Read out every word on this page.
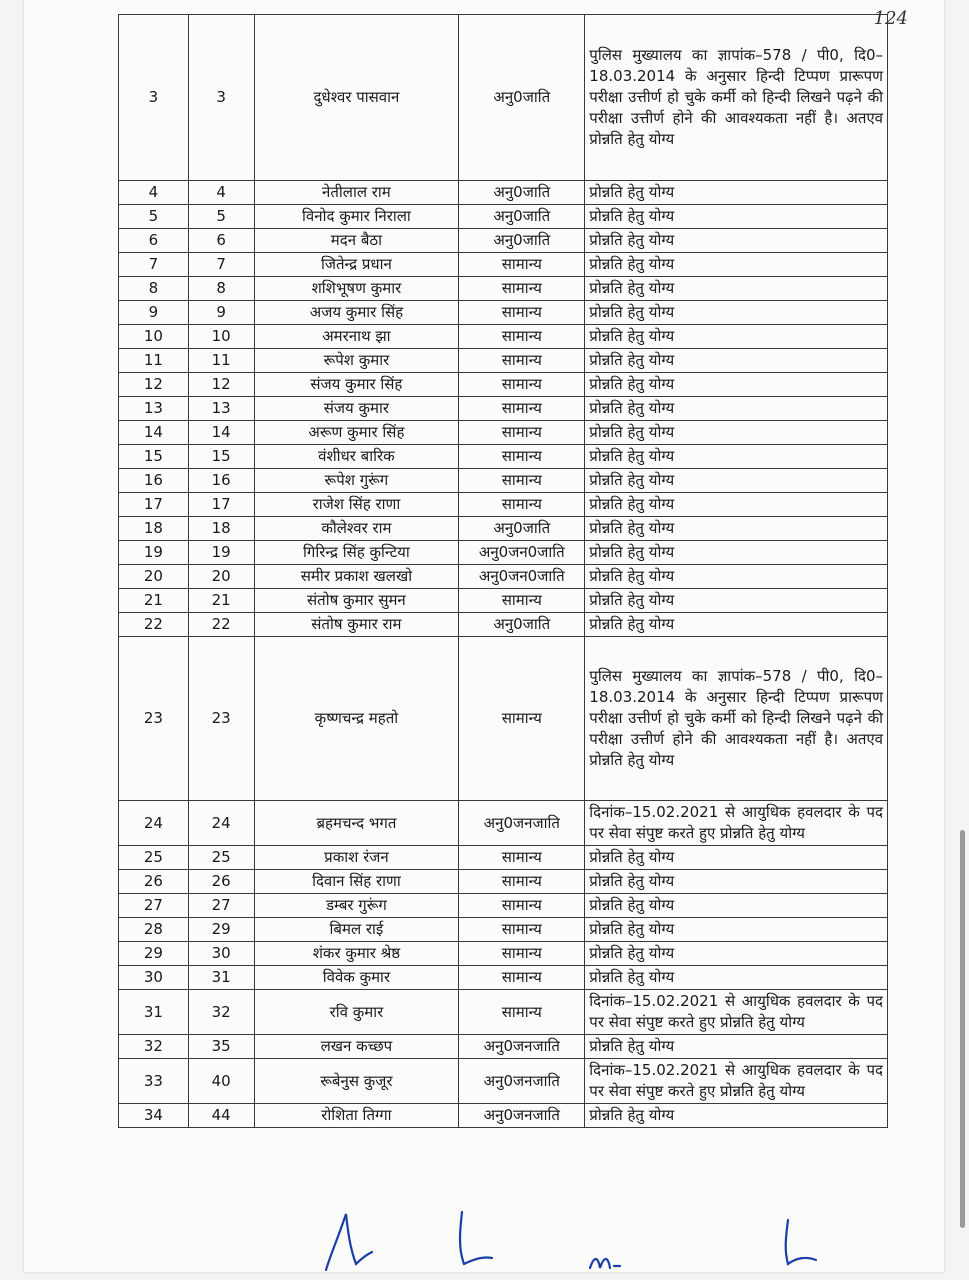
124
3	3	दुधेश्वर पासवान	अनु0जाति	पुलिस मुख्यालय का ज्ञापांक–578 / पी0, दि0–18.03.2014 के अनुसार हिन्दी टिप्पण प्रारूपण परीक्षा उत्तीर्ण हो चुके कर्मी को हिन्दी लिखने पढ़ने की परीक्षा उत्तीर्ण होने की आवश्यकता नहीं है। अतएव प्रोन्नति हेतु योग्य

4	4	नेतीलाल राम	अनु0जाति	प्रोन्नति हेतु योग्य
5	5	विनोद कुमार निराला	अनु0जाति	प्रोन्नति हेतु योग्य
6	6	मदन बैठा	अनु0जाति	प्रोन्नति हेतु योग्य
7	7	जितेन्द्र प्रधान	सामान्य	प्रोन्नति हेतु योग्य
8	8	शशिभूषण कुमार	सामान्य	प्रोन्नति हेतु योग्य
9	9	अजय कुमार सिंह	सामान्य	प्रोन्नति हेतु योग्य
10	10	अमरनाथ झा	सामान्य	प्रोन्नति हेतु योग्य
11	11	रूपेश कुमार	सामान्य	प्रोन्नति हेतु योग्य
12	12	संजय कुमार सिंह	सामान्य	प्रोन्नति हेतु योग्य
13	13	संजय कुमार	सामान्य	प्रोन्नति हेतु योग्य
14	14	अरूण कुमार सिंह	सामान्य	प्रोन्नति हेतु योग्य
15	15	वंशीधर बारिक	सामान्य	प्रोन्नति हेतु योग्य
16	16	रूपेश गुरूंग	सामान्य	प्रोन्नति हेतु योग्य
17	17	राजेश सिंह राणा	सामान्य	प्रोन्नति हेतु योग्य
18	18	कौलेश्वर राम	अनु0जाति	प्रोन्नति हेतु योग्य
19	19	गिरिन्द्र सिंह कुन्टिया	अनु0जन0जाति	प्रोन्नति हेतु योग्य
20	20	समीर प्रकाश खलखो	अनु0जन0जाति	प्रोन्नति हेतु योग्य
21	21	संतोष कुमार सुमन	सामान्य	प्रोन्नति हेतु योग्य
22	22	संतोष कुमार राम	अनु0जाति	प्रोन्नति हेतु योग्य
23	23	कृष्णचन्द्र महतो	सामान्य	पुलिस मुख्यालय का ज्ञापांक–578 / पी0, दि0–18.03.2014 के अनुसार हिन्दी टिप्पण प्रारूपण परीक्षा उत्तीर्ण हो चुके कर्मी को हिन्दी लिखने पढ़ने की परीक्षा उत्तीर्ण होने की आवश्यकता नहीं है। अतएव प्रोन्नति हेतु योग्य

24	24	ब्रहमचन्द भगत	अनु0जनजाति	दिनांक–15.02.2021 से आयुधिक हवलदार के पद पर सेवा संपुष्ट करते हुए प्रोन्नति हेतु योग्य

25	25	प्रकाश रंजन	सामान्य	प्रोन्नति हेतु योग्य
26	26	दिवान सिंह राणा	सामान्य	प्रोन्नति हेतु योग्य
27	27	डम्बर गुरूंग	सामान्य	प्रोन्नति हेतु योग्य
28	29	बिमल राई	सामान्य	प्रोन्नति हेतु योग्य
29	30	शंकर कुमार श्रेष्ठ	सामान्य	प्रोन्नति हेतु योग्य
30	31	विवेक कुमार	सामान्य	प्रोन्नति हेतु योग्य
31	32	रवि कुमार	सामान्य	दिनांक–15.02.2021 से आयुधिक हवलदार के पद पर सेवा संपुष्ट करते हुए प्रोन्नति हेतु योग्य

32	35	लखन कच्छप	अनु0जनजाति	प्रोन्नति हेतु योग्य
33	40	रूबेनुस कुजूर	अनु0जनजाति	दिनांक–15.02.2021 से आयुधिक हवलदार के पद पर सेवा संपुष्ट करते हुए प्रोन्नति हेतु योग्य

34	44	रोशिता तिग्गा	अनु0जनजाति	प्रोन्नति हेतु योग्य
